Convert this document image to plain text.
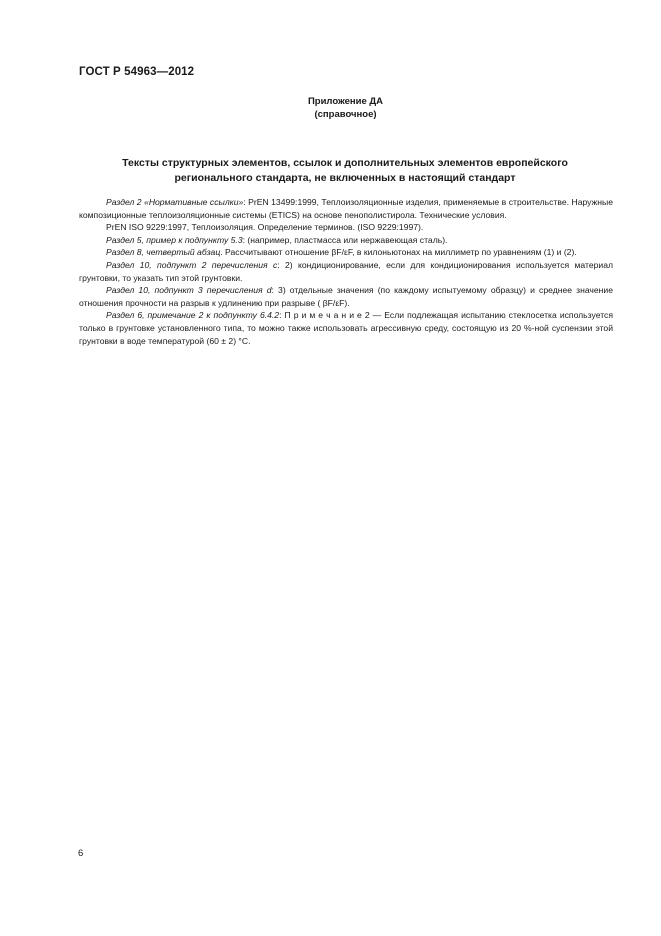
ГОСТ Р 54963—2012
Приложение ДА
(справочное)
Тексты структурных элементов, ссылок и дополнительных элементов европейского
регионального стандарта, не включенных в настоящий стандарт

Раздел 2 «Нормативные ссылки»: PrEN 13499:1999, Теплоизоляционные изделия, применяемые в строительстве. Наружные композиционные теплоизоляционные системы (ETICS) на основе пенополистирола. Технические условия.

PrEN ISO 9229:1997, Теплоизоляция. Определение терминов. (ISO 9229:1997).

Раздел 5, пример к подпункту 5.3: (например, пластмасса или нержавеющая сталь).

Раздел 8, четвертый абзац. Рассчитывают отношение βF/εF, в килоньютонах на миллиметр по уравнениям (1) и (2).

Раздел 10, подпункт 2 перечисления c: 2) кондиционирование, если для кондиционирования используется материал грунтовки, то указать тип этой грунтовки.

Раздел 10, подпункт 3 перечисления d: 3) отдельные значения (по каждому испытуемому образцу) и среднее значение отношения прочности на разрыв к удлинению при разрыве ( βF/εF).

Раздел 6, примечание 2 к подпункту 6.4.2: П р и м е ч а н и е 2 — Если подлежащая испытанию стеклосетка используется только в грунтовке установленного типа, то можно также использовать агрессивную среду, состоящую из 20 %-ной суспензии этой грунтовки в воде температурой (60 ± 2) °С.

6
